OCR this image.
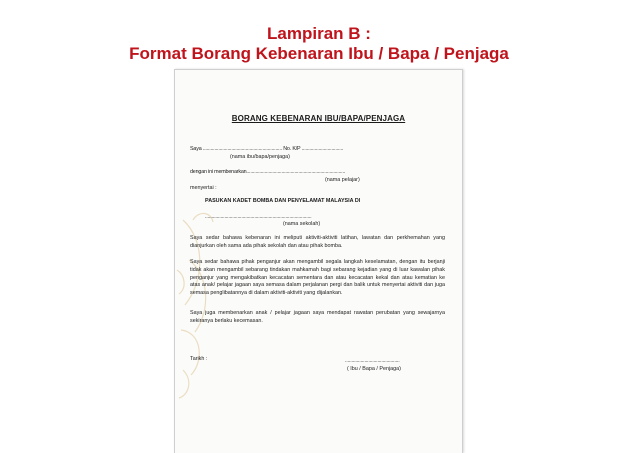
Lampiran B :
Format Borang Kebenaran Ibu / Bapa / Penjaga
BORANG KEBENARAN IBU/BAPA/PENJAGA
Saya ............................................................. No. K/P ................................
(nama ibu/bapa/penjaga)
dengan ini membenarkan............................................................................
(nama pelajar)
menyertai :
PASUKAN KADET BOMBA DAN PENYELAMAT MALAYSIA DI
..................................................................................
(nama sekolah)
Saya sedar bahawa kebenaran ini meliputi aktiviti-aktiviti latihan, lawatan dan perkhemahan yang dianjurkan oleh sama ada pihak sekolah dan atau pihak bomba.
Saya sedar bahawa pihak penganjur akan mengambil segala langkah keselamatan, dengan itu berjanji tidak akan mengambil sebarang tindakan mahkamah bagi sebarang kejadian yang di luar kawalan pihak penganjur yang mengakibatkan kecacatan sementara dan atau kecacatan kekal dan atau kematian ke atas anak/ pelajar jagaan saya semasa dalam perjalanan pergi dan balik untuk menyertai aktiviti dan juga semasa penglibatannya di dalam aktiviti-aktiviti yang dijalankan.
Saya juga membenarkan anak / pelajar jagaan saya mendapat rawatan perubatan yang sewajarnya sekiranya berlaku kecemasan.
Tarikh :	..........................................
( Ibu / Bapa / Penjaga)
